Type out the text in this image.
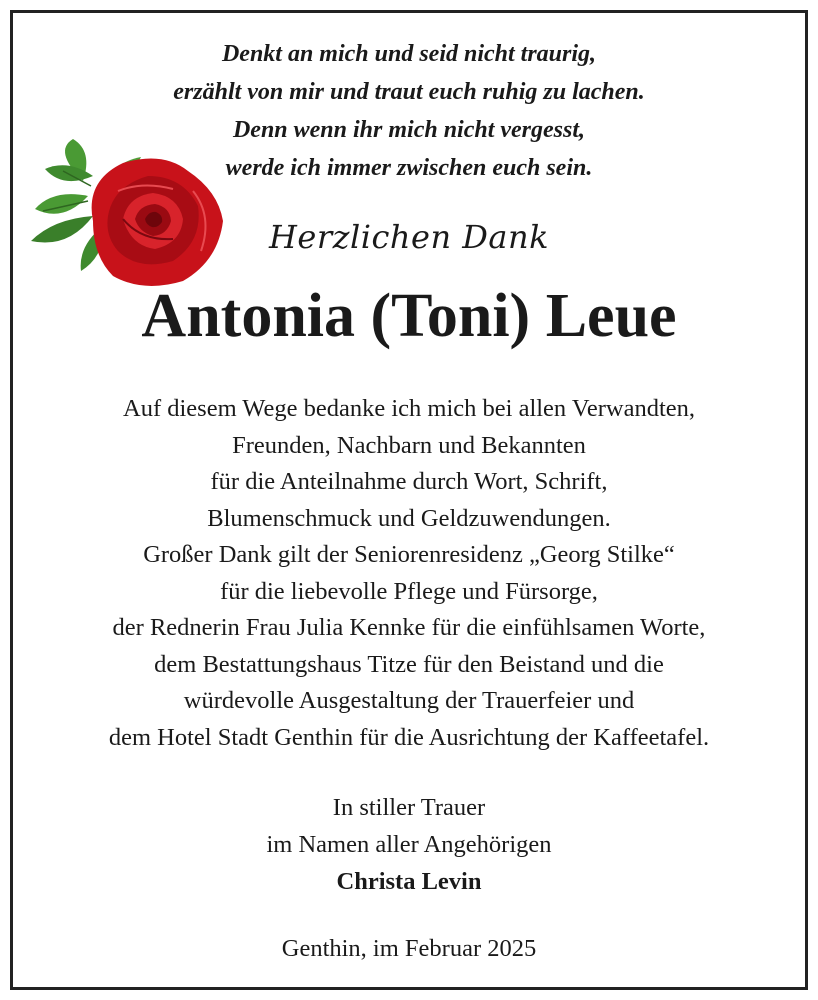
Denkt an mich und seid nicht traurig,
erzählt von mir und traut euch ruhig zu lachen.
Denn wenn ihr mich nicht vergesst,
werde ich immer zwischen euch sein.
Herzlichen Dank
Antonia (Toni) Leue
Auf diesem Wege bedanke ich mich bei allen Verwandten,
Freunden, Nachbarn und Bekannten
für die Anteilnahme durch Wort, Schrift,
Blumenschmuck und Geldzuwendungen.
Großer Dank gilt der Seniorenresidenz „Georg Stilke“
für die liebevolle Pflege und Fürsorge,
der Rednerin Frau Julia Kennke für die einfühlsamen Worte,
dem Bestattungshaus Titze für den Beistand und die
würdevolle Ausgestaltung der Trauerfeier und
dem Hotel Stadt Genthin für die Ausrichtung der Kaffeetafel.
In stiller Trauer
im Namen aller Angehörigen
Christa Levin
Genthin, im Februar 2025
